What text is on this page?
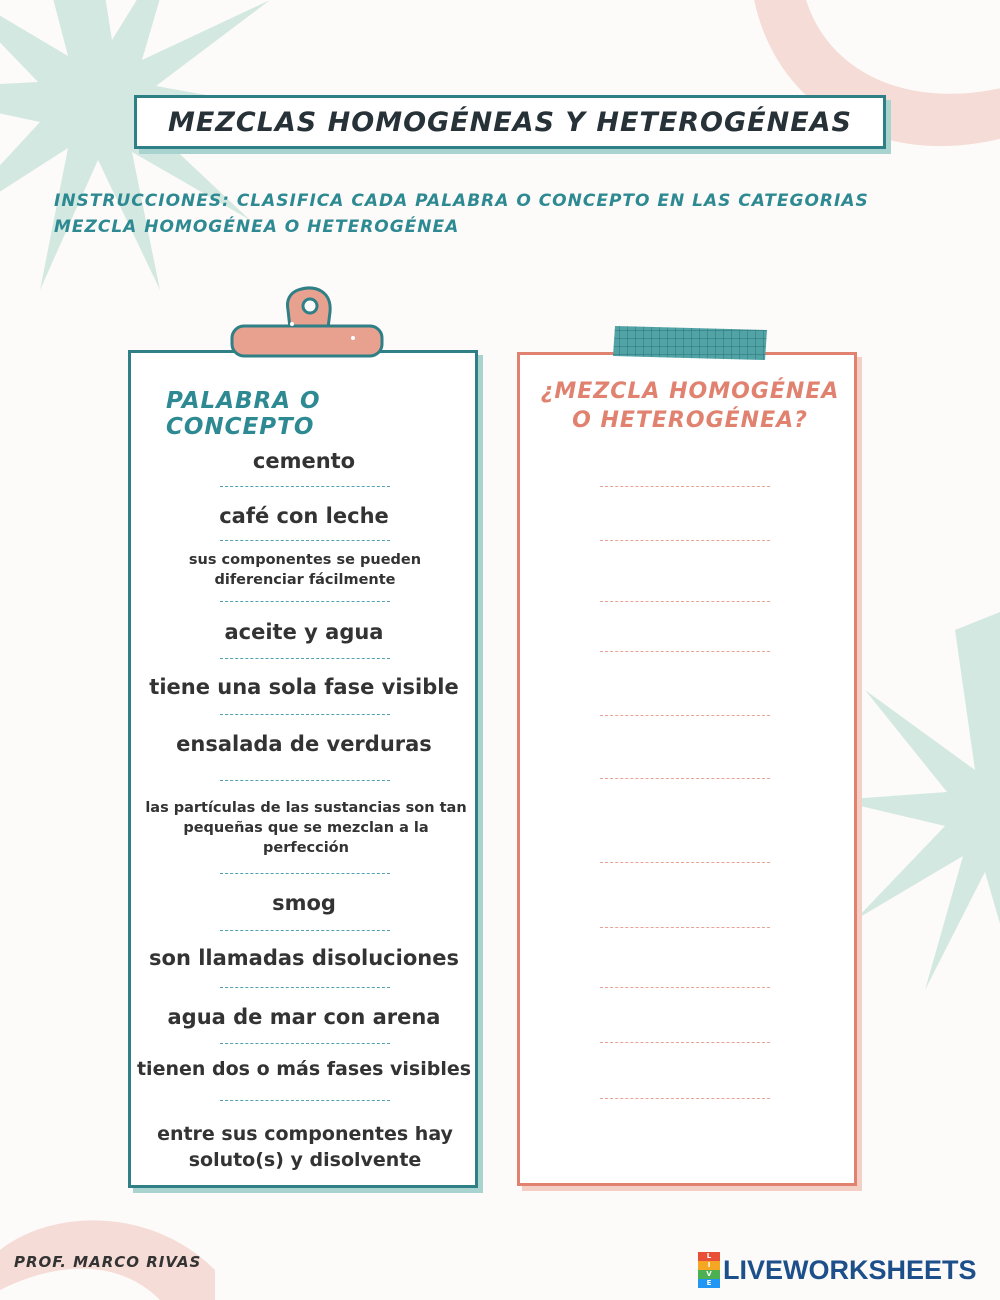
MEZCLAS HOMOGÉNEAS Y HETEROGÉNEAS
INSTRUCCIONES: CLASIFICA CADA PALABRA O CONCEPTO EN LAS CATEGORIAS
MEZCLA HOMOGÉNEA O HETEROGÉNEA
PALABRA O CONCEPTO
cemento
café con leche
sus componentes se pueden diferenciar fácilmente
aceite y agua
tiene una sola fase visible
ensalada de verduras
las partículas de las sustancias son tan pequeñas que se mezclan a la perfección
smog
son llamadas disoluciones
agua de mar con arena
tienen dos o más fases visibles
entre sus componentes hay soluto(s) y disolvente
¿MEZCLA HOMOGÉNEA
O HETEROGÉNEA?
PROF. MARCO RIVAS	L
I
V
E LIVEWORKSHEETS
